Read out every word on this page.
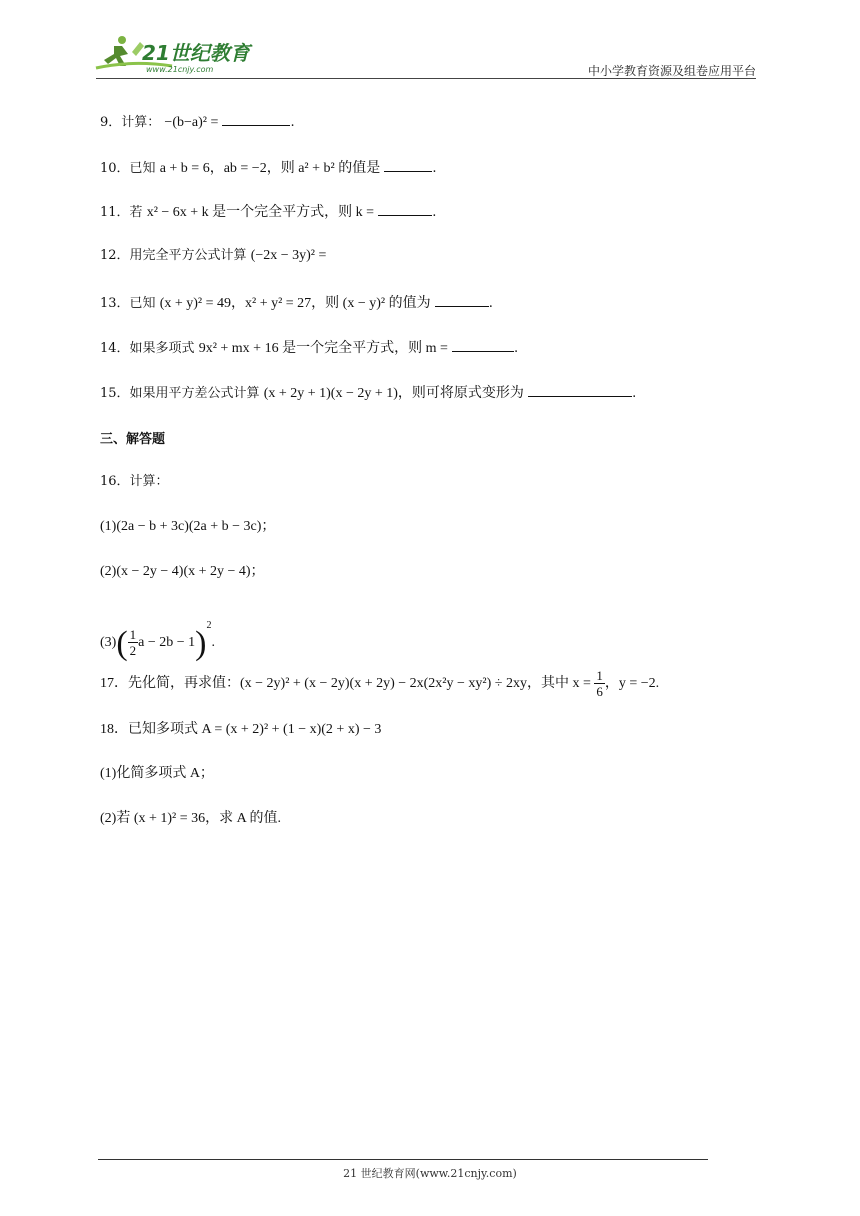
21世纪教育
www.21cnjy.com	中小学教育资源及组卷应用平台
9．计算： −(b−a)² =	.
10．已知 a + b = 6，ab = −2，则 a² + b² 的值是	.
11．若 x² − 6x + k 是一个完全平方式，则 k =	.
12．用完全平方公式计算 (−2x − 3y)² =
13．已知 (x + y)² = 49，x² + y² = 27，则 (x − y)² 的值为	.
14．如果多项式 9x² + mx + 16 是一个完全平方式，则 m =	.
15．如果用平方差公式计算 (x + 2y + 1)(x − 2y + 1)，则可将原式变形为	.
三、解答题
16．计算：
(1)(2a − b + 3c)(2a + b − 3c)；
(2)(x − 2y − 4)(x + 2y − 4)；
$(3)( \frac{1}{2}$ $a - 2b - 1)^2$.
17．先化简，再求值：(x − 2y)² + (x − 2y)(x + 2y) − 2x(2x²y − xy²) ÷ 2xy，其中 $x = \frac{1}{6}$ ，y = −2.
18．已知多项式 A = (x + 2)² + (1 − x)(2 + x) − 3
(1)化简多项式 A；
(2)若 (x + 1)² = 36，求 A 的值.
21 世纪教育网(www.21cnjy.com)
